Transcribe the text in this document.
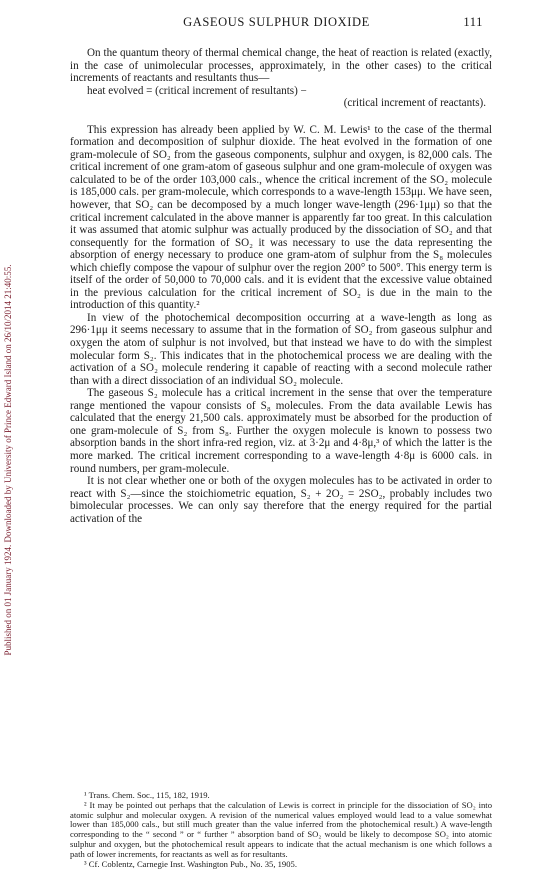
Published on 01 January 1924. Downloaded by University of Prince Edward Island on 26/10/2014 21:40:55.
GASEOUS SULPHUR DIOXIDE	111

On the quantum theory of thermal chemical change, the heat of reaction is related (exactly, in the case of unimolecular processes, approximately, in the other cases) to the critical increments of reactants and resultants thus—

heat evolved = (critical increment of resultants) −
(critical increment of reactants).

This expression has already been applied by W. C. M. Lewis¹ to the case of the thermal formation and decomposition of sulphur dioxide. The heat evolved in the formation of one gram-molecule of SO₂ from the gaseous components, sulphur and oxygen, is 82,000 cals. The critical increment of one gram-atom of gaseous sulphur and one gram-molecule of oxygen was calculated to be of the order 103,000 cals., whence the critical increment of the SO₂ molecule is 185,000 cals. per gram-molecule, which corresponds to a wave-length 153μμ. We have seen, however, that SO₂ can be decomposed by a much longer wave-length (296·1μμ) so that the critical increment calculated in the above manner is apparently far too great. In this calculation it was assumed that atomic sulphur was actually produced by the dissociation of SO₂ and that consequently for the formation of SO₂ it was necessary to use the data representing the absorption of energy necessary to produce one gram-atom of sulphur from the S₈ molecules which chiefly compose the vapour of sulphur over the region 200° to 500°. This energy term is itself of the order of 50,000 to 70,000 cals. and it is evident that the excessive value obtained in the previous calculation for the critical increment of SO₂ is due in the main to the introduction of this quantity.²

In view of the photochemical decomposition occurring at a wave-length as long as 296·1μμ it seems necessary to assume that in the formation of SO₂ from gaseous sulphur and oxygen the atom of sulphur is not involved, but that instead we have to do with the simplest molecular form S₂. This indicates that in the photochemical process we are dealing with the activation of a SO₂ molecule rendering it capable of reacting with a second molecule rather than with a direct dissociation of an individual SO₂ molecule.

The gaseous S₂ molecule has a critical increment in the sense that over the temperature range mentioned the vapour consists of S₈ molecules. From the data available Lewis has calculated that the energy 21,500 cals. approximately must be absorbed for the production of one gram-molecule of S₂ from S₈. Further the oxygen molecule is known to possess two absorption bands in the short infra-red region, viz. at 3·2μ and 4·8μ,³ of which the latter is the more marked. The critical increment corresponding to a wave-length 4·8μ is 6000 cals. in round numbers, per gram-molecule.

It is not clear whether one or both of the oxygen molecules has to be activated in order to react with S₂—since the stoichiometric equation, S₂ + 2O₂ = 2SO₂, probably includes two bimolecular processes. We can only say therefore that the energy required for the partial activation of the

¹ Trans. Chem. Soc., 115, 182, 1919.

² It may be pointed out perhaps that the calculation of Lewis is correct in principle for the dissociation of SO₂ into atomic sulphur and molecular oxygen. A revision of the numerical values employed would lead to a value somewhat lower than 185,000 cals., but still much greater than the value inferred from the photochemical result.) A wave-length corresponding to the “ second ” or “ further ” absorption band of SO₂ would be likely to decompose SO₂ into atomic sulphur and oxygen, but the photochemical result appears to indicate that the actual mechanism is one which follows a path of lower increments, for reactants as well as for resultants.

³ Cf. Coblentz, Carnegie Inst. Washington Pub., No. 35, 1905.
